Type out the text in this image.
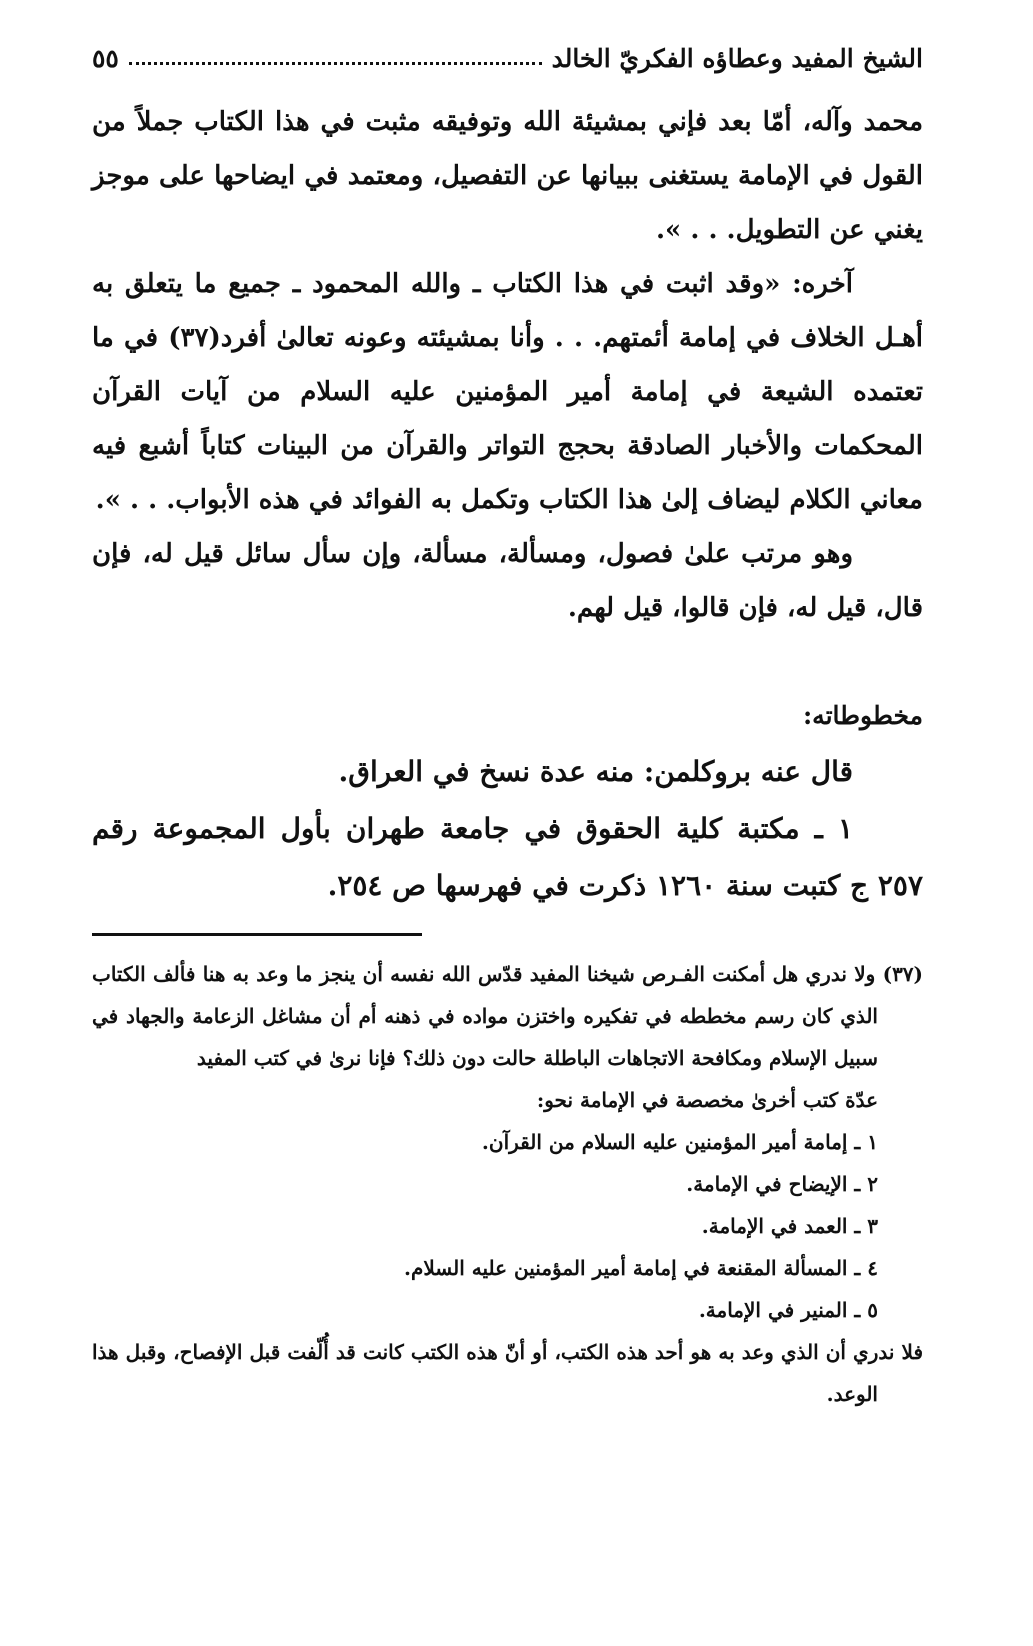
الشيخ المفيد وعطاؤه الفكريّ الخالد
٥٥

محمد وآله، أمّا بعد فإني بمشيئة الله وتوفيقه مثبت في هذا الكتاب جملاً من القول في الإمامة يستغنى ببيانها عن التفصيل، ومعتمد في ايضاحها على موجز يغني عن التطويل. . . ».

آخره: «وقد اثبت في هذا الكتاب ـ والله المحمود ـ جميع ما يتعلق به أهـل الخلاف في إمامة أئمتهم. . . وأنا بمشيئته وعونه تعالىٰ أفرد(٣٧) في ما تعتمده الشيعة في إمامة أمير المؤمنين عليه السلام من آيات القرآن المحكمات والأخبار الصادقة بحجج التواتر والقرآن من البينات كتاباً أشبع فيه معاني الكلام ليضاف إلىٰ هذا الكتاب وتكمل به الفوائد في هذه الأبواب. . . ».

وهو مرتب علىٰ فصول، ومسألة، مسألة، وإن سأل سائل قيل له، فإن قال، قيل له، فإن قالوا، قيل لهم.

مخطوطاته:

قال عنه بروكلمن: منه عدة نسخ في العراق.

١ ـ مكتبة كلية الحقوق في جامعة طهران بأول المجموعة رقم ٢٥٧ ج كتبت سنة ١٢٦٠ ذكرت في فهرسها ص ٢٥٤.

(٣٧) ولا ندري هل أمكنت الفـرص شيخنا المفيد قدّس الله نفسه أن ينجز ما وعد به هنا فألف الكتاب الذي كان رسم مخططه في تفكيره واختزن مواده في ذهنه أم أن مشاغل الزعامة والجهاد في سبيل الإسلام ومكافحة الاتجاهات الباطلة حالت دون ذلك؟ فإنا نرىٰ في كتب المفيد

عدّة كتب أخرىٰ مخصصة في الإمامة نحو:

١ ـ إمامة أمير المؤمنين عليه السلام من القرآن.
٢ ـ الإيضاح في الإمامة.
٣ ـ العمد في الإمامة.
٤ ـ المسألة المقنعة في إمامة أمير المؤمنين عليه السلام.
٥ ـ المنير في الإمامة.

فلا ندري أن الذي وعد به هو أحد هذه الكتب، أو أنّ هذه الكتب كانت قد أُلّفت قبل الإفصاح، وقبل هذا الوعد.
